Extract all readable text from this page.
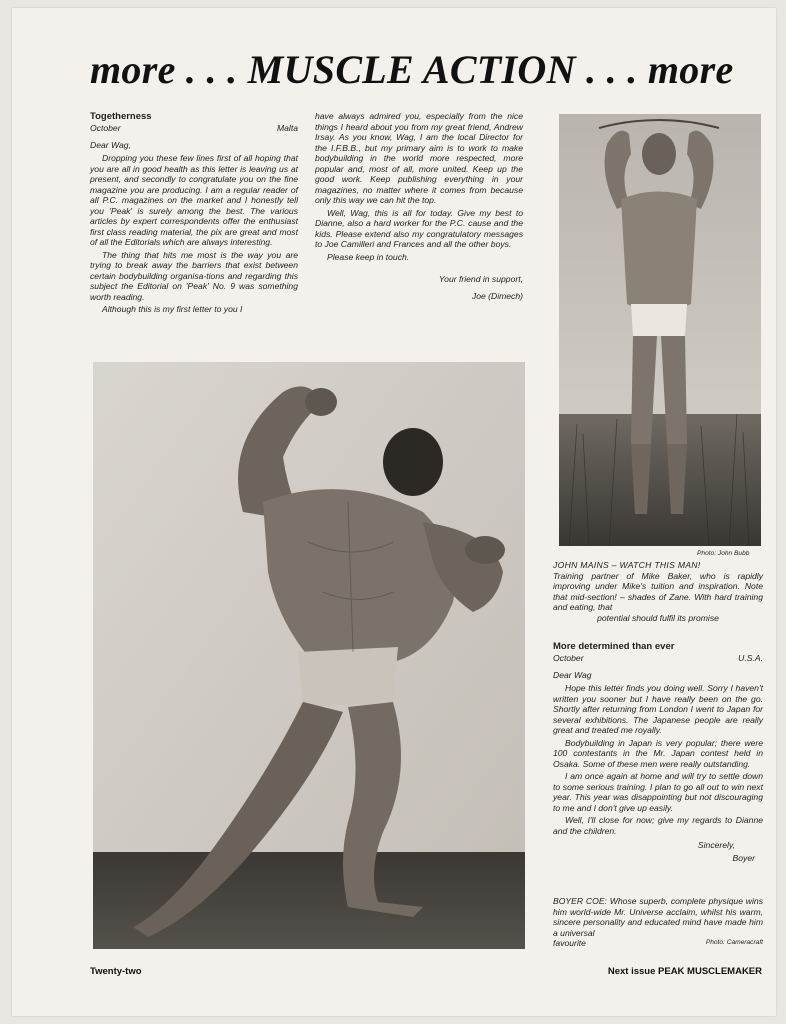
more . . . MUSCLE ACTION . . . more
Togetherness
October	Malta

Dear Wag,

Dropping you these few lines first of all hoping that you are all in good health as this letter is leaving us at present, and secondly to congratulate you on the fine magazine you are producing. I am a regular reader of all P.C. magazines on the market and I honestly tell you 'Peak' is surely among the best. The various articles by expert correspondents offer the enthusiast first class reading material, the pix are great and most of all the Editorials which are always interesting.

The thing that hits me most is the way you are trying to break away the barriers that exist between certain bodybuilding organisa-tions and regarding this subject the Editorial on 'Peak' No. 9 was something worth reading.

Although this is my first letter to you I

have always admired you, especially from the nice things I heard about you from my great friend, Andrew Irsay. As you know, Wag, I am the local Director for the I.F.B.B., but my primary aim is to work to make bodybuilding in the world more respected, more popular and, most of all, more united. Keep up the good work. Keep publishing everything in your magazines, no matter where it comes from because only this way we can hit the top.

Well, Wag, this is all for today. Give my best to Dianne, also a hard worker for the P.C. cause and the kids. Please extend also my congratulatory messages to Joe Camilleri and Frances and all the other boys.

Please keep in touch.

Your friend in support,

Joe (Dimech)

Photo: John Bubb

JOHN MAINS – WATCH THIS MAN!

Training partner of Mike Baker, who is rapidly improving under Mike's tuition and inspiration. Note that mid-section! – shades of Zane. With hard training and eating, that

potential should fulfil its promise

More determined than ever
October	U.S.A.

Dear Wag

Hope this letter finds you doing well. Sorry I haven't written you sooner but I have really been on the go. Shortly after returning from London I went to Japan for several exhibitions. The Japanese people are really great and treated me royally.

Bodybuilding in Japan is very popular; there were 100 contestants in the Mr. Japan contest held in Osaka. Some of these men were really outstanding.

I am once again at home and will try to settle down to some serious training. I plan to go all out to win next year. This year was disappointing but not discouraging to me and I don't give up easily.

Well, I'll close for now; give my regards to Dianne and the children.

Sincerely,

Boyer

BOYER COE: Whose superb, complete physique wins him world-wide Mr. Universe acclaim, whilst his warm, sincere personality and educated mind have made him a universal

favourite	Photo: Cameracraft

Twenty-two	Next issue PEAK MUSCLEMAKER
